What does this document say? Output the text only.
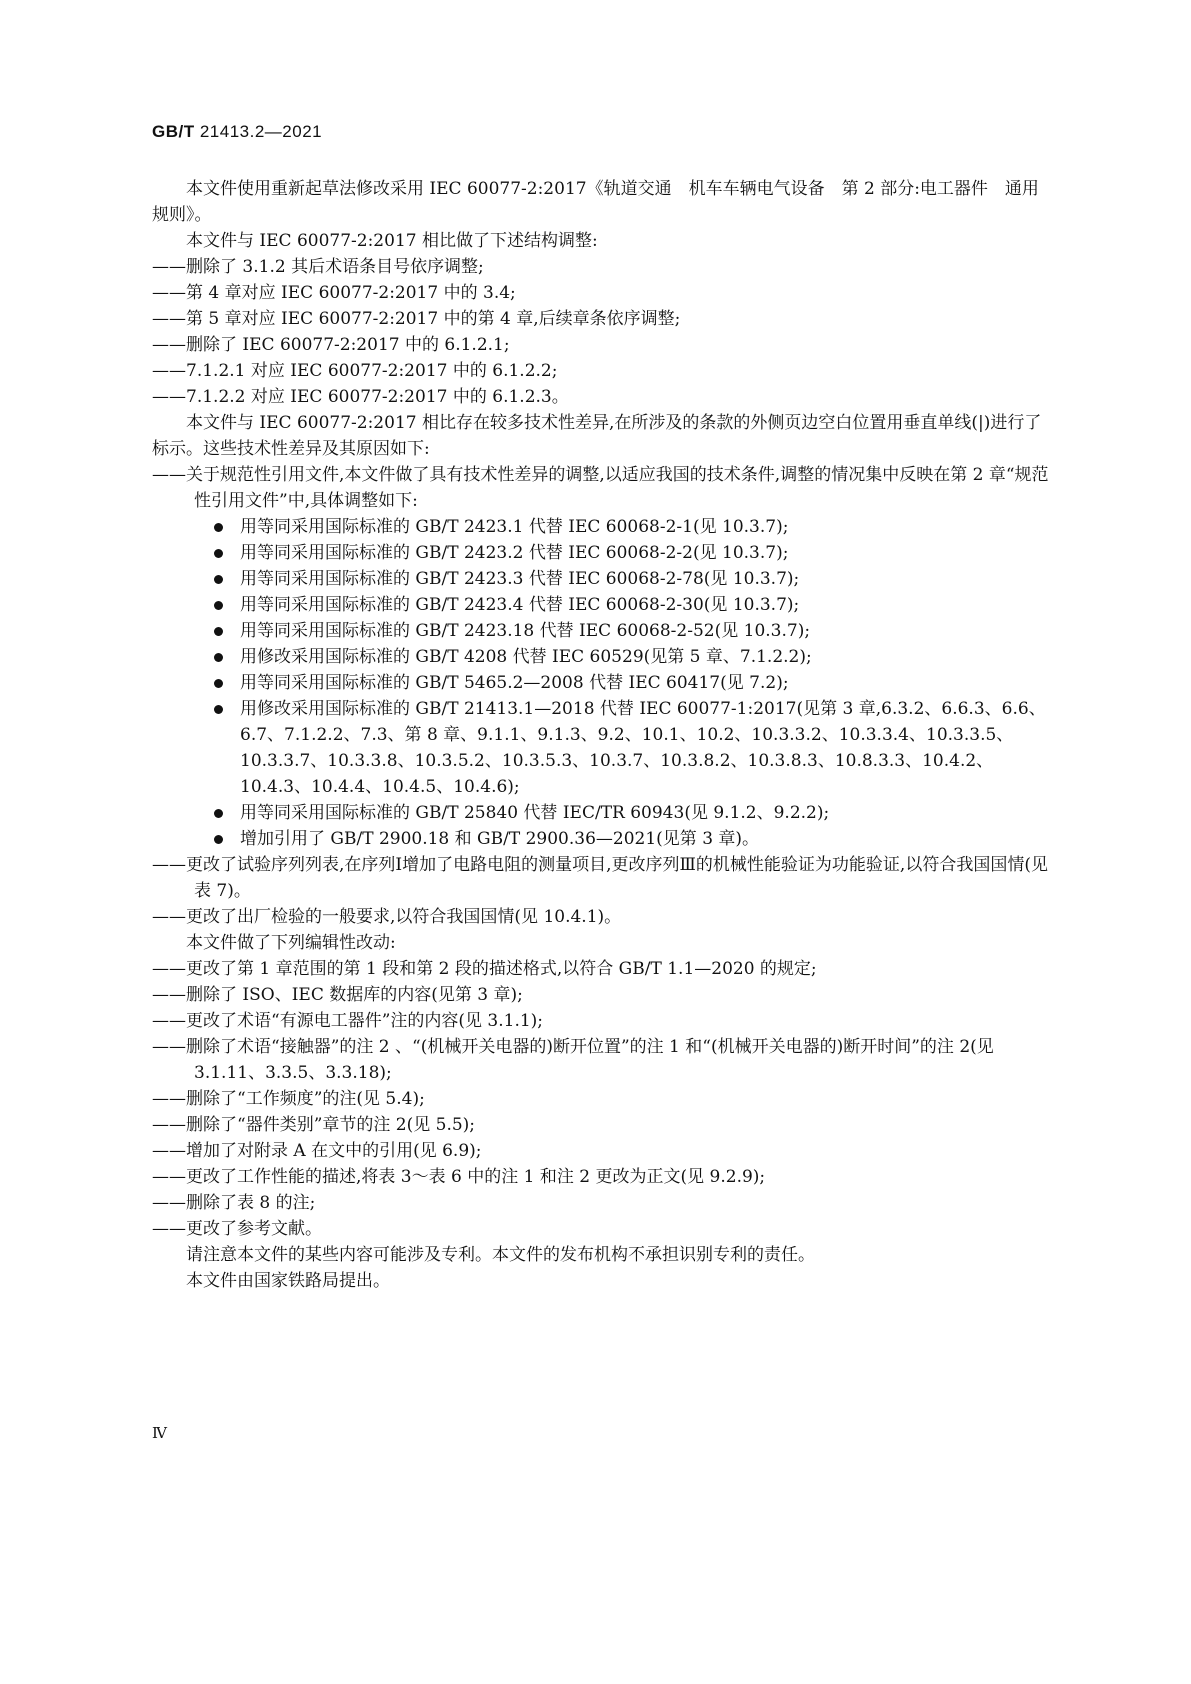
GB/T 21413.2—2021

本文件使用重新起草法修改采用 IEC 60077-2:2017《轨道交通　机车车辆电气设备　第 2 部分:电工器件　通用规则》。

本文件与 IEC 60077-2:2017 相比做了下述结构调整:

——删除了 3.1.2 其后术语条目号依序调整;

——第 4 章对应 IEC 60077-2:2017 中的 3.4;

——第 5 章对应 IEC 60077-2:2017 中的第 4 章,后续章条依序调整;

——删除了 IEC 60077-2:2017 中的 6.1.2.1;

——7.1.2.1 对应 IEC 60077-2:2017 中的 6.1.2.2;

——7.1.2.2 对应 IEC 60077-2:2017 中的 6.1.2.3。

本文件与 IEC 60077-2:2017 相比存在较多技术性差异,在所涉及的条款的外侧页边空白位置用垂直单线(|)进行了标示。这些技术性差异及其原因如下:

——关于规范性引用文件,本文件做了具有技术性差异的调整,以适应我国的技术条件,调整的情况集中反映在第 2 章“规范性引用文件”中,具体调整如下:

用等同采用国际标准的 GB/T 2423.1 代替 IEC 60068-2-1(见 10.3.7);
用等同采用国际标准的 GB/T 2423.2 代替 IEC 60068-2-2(见 10.3.7);
用等同采用国际标准的 GB/T 2423.3 代替 IEC 60068-2-78(见 10.3.7);
用等同采用国际标准的 GB/T 2423.4 代替 IEC 60068-2-30(见 10.3.7);
用等同采用国际标准的 GB/T 2423.18 代替 IEC 60068-2-52(见 10.3.7);
用修改采用国际标准的 GB/T 4208 代替 IEC 60529(见第 5 章、7.1.2.2);
用等同采用国际标准的 GB/T 5465.2—2008 代替 IEC 60417(见 7.2);
用修改采用国际标准的 GB/T 21413.1—2018 代替 IEC 60077-1:2017(见第 3 章,6.3.2、6.6.3、6.6、6.7、7.1.2.2、7.3、第 8 章、9.1.1、9.1.3、9.2、10.1、10.2、10.3.3.2、10.3.3.4、10.3.3.5、10.3.3.7、10.3.3.8、10.3.5.2、10.3.5.3、10.3.7、10.3.8.2、10.3.8.3、10.8.3.3、10.4.2、10.4.3、10.4.4、10.4.5、10.4.6);
用等同采用国际标准的 GB/T 25840 代替 IEC/TR 60943(见 9.1.2、9.2.2);
增加引用了 GB/T 2900.18 和 GB/T 2900.36—2021(见第 3 章)。

——更改了试验序列列表,在序列Ⅰ增加了电路电阻的测量项目,更改序列Ⅲ的机械性能验证为功能验证,以符合我国国情(见表 7)。

——更改了出厂检验的一般要求,以符合我国国情(见 10.4.1)。

本文件做了下列编辑性改动:

——更改了第 1 章范围的第 1 段和第 2 段的描述格式,以符合 GB/T 1.1—2020 的规定;

——删除了 ISO、IEC 数据库的内容(见第 3 章);

——更改了术语“有源电工器件”注的内容(见 3.1.1);

——删除了术语“接触器”的注 2 、“(机械开关电器的)断开位置”的注 1 和“(机械开关电器的)断开时间”的注 2(见 3.1.11、3.3.5、3.3.18);

——删除了“工作频度”的注(见 5.4);

——删除了“器件类别”章节的注 2(见 5.5);

——增加了对附录 A 在文中的引用(见 6.9);

——更改了工作性能的描述,将表 3～表 6 中的注 1 和注 2 更改为正文(见 9.2.9);

——删除了表 8 的注;

——更改了参考文献。

请注意本文件的某些内容可能涉及专利。本文件的发布机构不承担识别专利的责任。

本文件由国家铁路局提出。

Ⅳ
